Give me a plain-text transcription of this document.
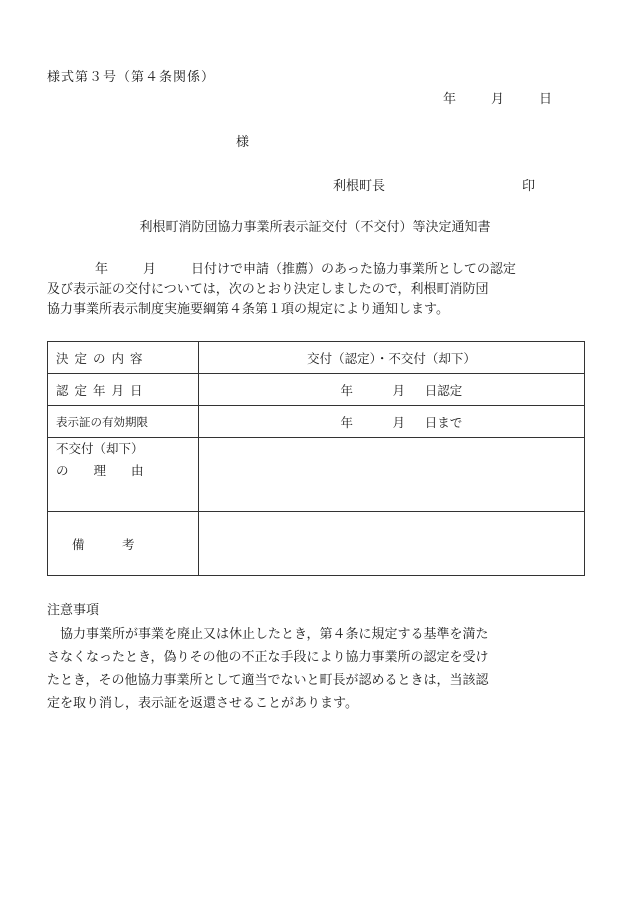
様式第３号（第４条関係）
年	月	日
様
利根町長	印
利根町消防団協力事業所表示証交付（不交付）等決定通知書
年	月	日付けで申請（推薦）のあった協力事業所としての認定
及び表示証の交付については，次のとおり決定しましたので，利根町消防団
協力事業所表示制度実施要綱第４条第１項の規定により通知します。
決定の内容	交付（認定）・不交付（却下）
認定年月日	年 月 日認定
表示証の有効期限	年 月 日まで

不交付（却下）
の　　理　　由	

備　　　考	
注意事項
　協力事業所が事業を廃止又は休止したとき，第４条に規定する基準を満た
さなくなったとき，偽りその他の不正な手段により協力事業所の認定を受け
たとき，その他協力事業所として適当でないと町長が認めるときは，当該認
定を取り消し，表示証を返還させることがあります。
